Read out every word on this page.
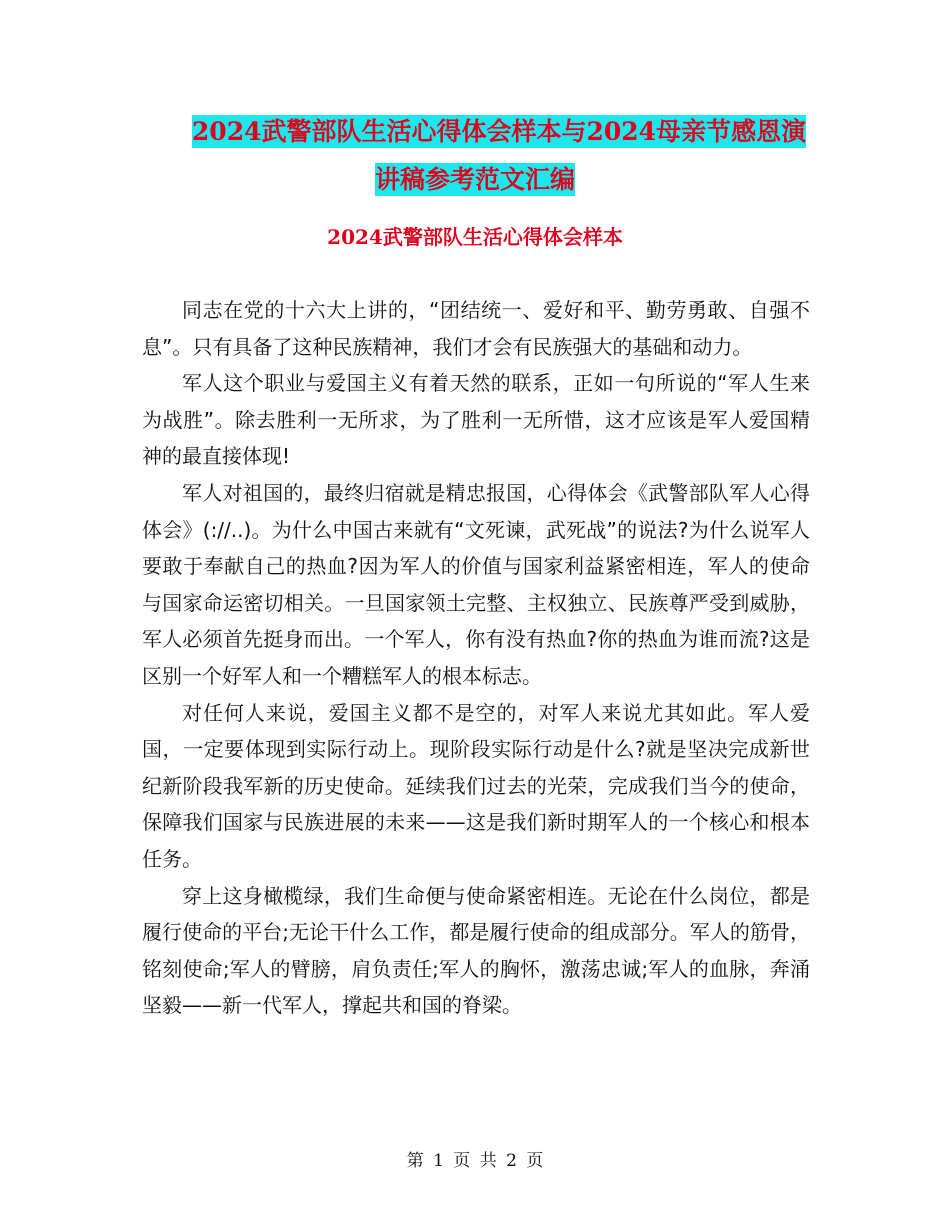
2024武警部队生活心得体会样本与2024母亲节感恩演
讲稿参考范文汇编
2024武警部队生活心得体会样本

同志在党的十六大上讲的，“团结统一、爱好和平、勤劳勇敢、自强不息”。只有具备了这种民族精神，我们才会有民族强大的基础和动力。

军人这个职业与爱国主义有着天然的联系，正如一句所说的“军人生来为战胜”。除去胜利一无所求，为了胜利一无所惜，这才应该是军人爱国精神的最直接体现!

军人对祖国的，最终归宿就是精忠报国，心得体会《武警部队军人心得体会》(://..)。为什么中国古来就有“文死谏，武死战”的说法?为什么说军人要敢于奉献自己的热血?因为军人的价值与国家利益紧密相连，军人的使命与国家命运密切相关。一旦国家领土完整、主权独立、民族尊严受到威胁，军人必须首先挺身而出。一个军人，你有没有热血?你的热血为谁而流?这是区别一个好军人和一个糟糕军人的根本标志。

对任何人来说，爱国主义都不是空的，对军人来说尤其如此。军人爱国，一定要体现到实际行动上。现阶段实际行动是什么?就是坚决完成新世纪新阶段我军新的历史使命。延续我们过去的光荣，完成我们当今的使命，保障我们国家与民族进展的未来——这是我们新时期军人的一个核心和根本任务。

穿上这身橄榄绿，我们生命便与使命紧密相连。无论在什么岗位，都是履行使命的平台;无论干什么工作，都是履行使命的组成部分。军人的筋骨，铭刻使命;军人的臂膀，肩负责任;军人的胸怀，激荡忠诚;军人的血脉，奔涌坚毅——新一代军人，撑起共和国的脊梁。

第 1 页 共 2 页
